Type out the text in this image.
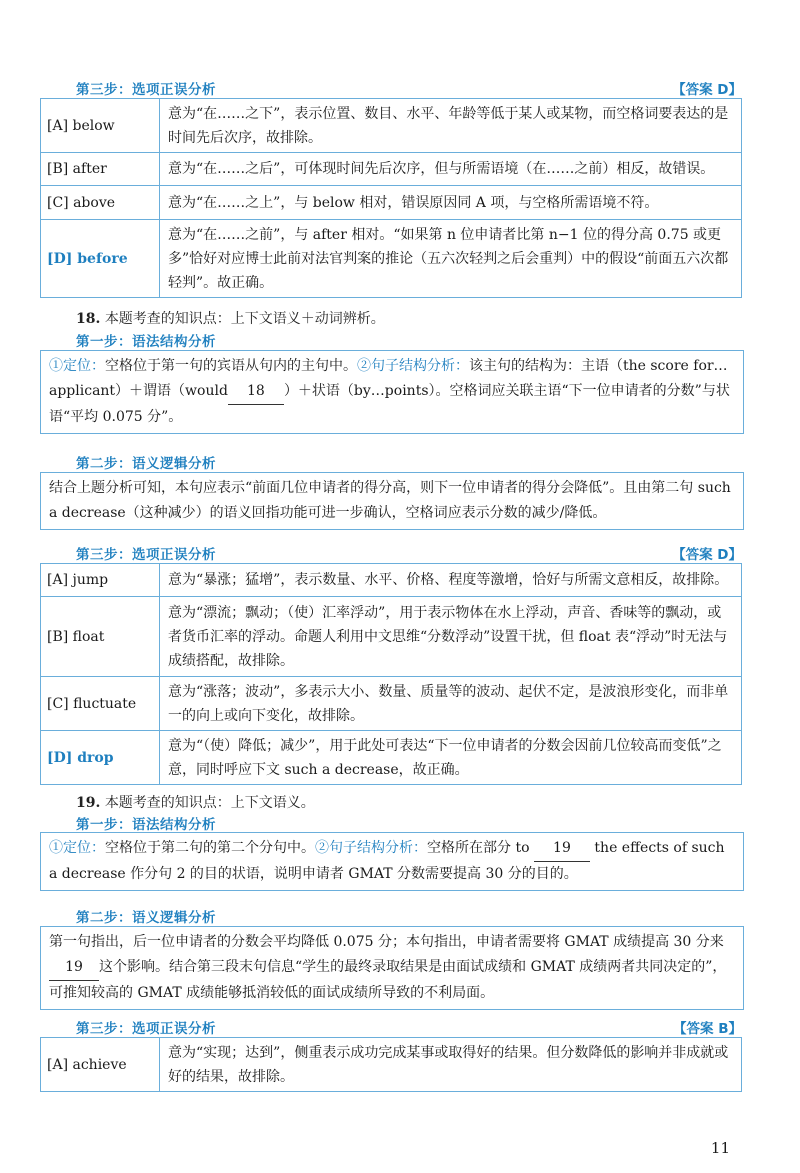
第三步：选项正误分析	【答案 D】
[A] below	意为“在……之下”，表示位置、数目、水平、年龄等低于某人或某物，而空格词要表达的是时间先后次序，故排除。
[B] after	意为“在……之后”，可体现时间先后次序，但与所需语境（在……之前）相反，故错误。
[C] above	意为“在……之上”，与 below 相对，错误原因同 A 项，与空格所需语境不符。
[D] before	意为“在……之前”，与 after 相对。“如果第 n 位申请者比第 n−1 位的得分高 0.75 或更多”恰好对应博士此前对法官判案的推论（五六次轻判之后会重判）中的假设“前面五六次都轻判”。故正确。
18. 本题考查的知识点：上下文语义＋动词辨析。
第一步：语法结构分析
①定位：空格位于第一句的宾语从句内的主句中。②句子结构分析：该主句的结构为：主语（the score for…applicant）＋谓语（would 18 ）＋状语（by…points）。空格词应关联主语“下一位申请者的分数”与状语“平均 0.075 分”。
第二步：语义逻辑分析
结合上题分析可知，本句应表示“前面几位申请者的得分高，则下一位申请者的得分会降低”。且由第二句 such a decrease（这种减少）的语义回指功能可进一步确认，空格词应表示分数的减少/降低。
第三步：选项正误分析	【答案 D】
[A] jump	意为“暴涨；猛增”，表示数量、水平、价格、程度等激增，恰好与所需文意相反，故排除。
[B] float	意为“漂流；飘动；（使）汇率浮动”，用于表示物体在水上浮动，声音、香味等的飘动，或者货币汇率的浮动。命题人利用中文思维“分数浮动”设置干扰，但 float 表“浮动”时无法与成绩搭配，故排除。
[C] fluctuate	意为“涨落；波动”，多表示大小、数量、质量等的波动、起伏不定，是波浪形变化，而非单一的向上或向下变化，故排除。
[D] drop	意为“（使）降低；减少”，用于此处可表达“下一位申请者的分数会因前几位较高而变低”之意，同时呼应下文 such a decrease，故正确。
19. 本题考查的知识点：上下文语义。
第一步：语法结构分析
①定位：空格位于第二句的第二个分句中。②句子结构分析：空格所在部分 to 19 the effects of such a decrease 作分句 2 的目的状语，说明申请者 GMAT 分数需要提高 30 分的目的。
第二步：语义逻辑分析
第一句指出，后一位申请者的分数会平均降低 0.075 分；本句指出，申请者需要将 GMAT 成绩提高 30 分来19 这个影响。结合第三段末句信息“学生的最终录取结果是由面试成绩和 GMAT 成绩两者共同决定的”，可推知较高的 GMAT 成绩能够抵消较低的面试成绩所导致的不利局面。
第三步：选项正误分析	【答案 B】
[A] achieve	意为“实现；达到”，侧重表示成功完成某事或取得好的结果。但分数降低的影响并非成就或好的结果，故排除。
11
